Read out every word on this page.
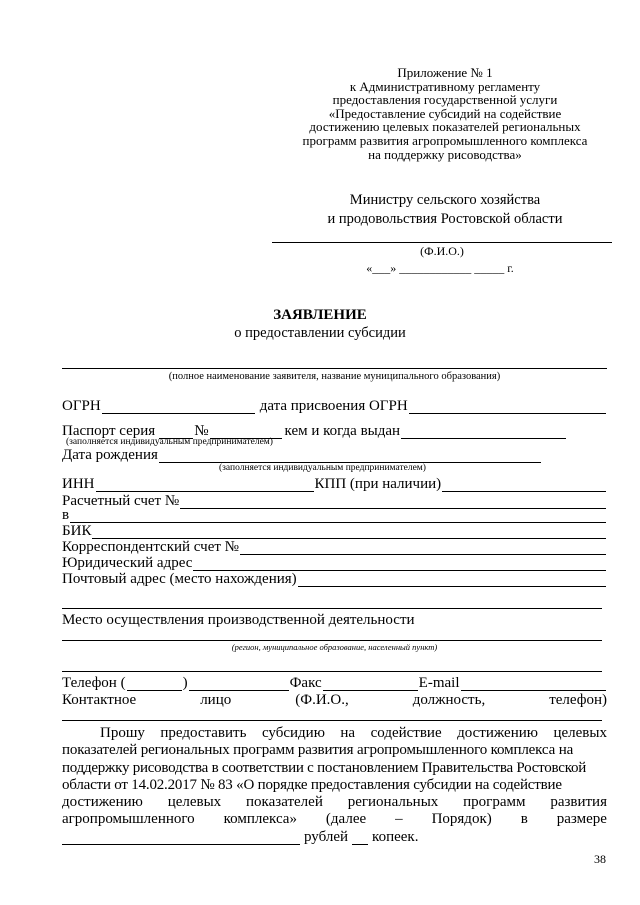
Приложение № 1
к Административному регламенту
предоставления государственной услуги
«Предоставление субсидий на содействие
достижению целевых показателей региональных
программ развития агропромышленного комплекса
на поддержку рисоводства»
Министру сельского хозяйства
и продовольствия Ростовской области
(Ф.И.О.)
«___» ____________ _____ г.
ЗАЯВЛЕНИЕ
о предоставлении субсидии
(полное наименование заявителя, название муниципального образования)
ОГРН	дата присвоения ОГРН
Паспорт серия	№	кем и когда выдан
(заполняется индивидуальным предпринимателем)
Дата рождения
(заполняется индивидуальным предпринимателем)
ИНН	КПП (при наличии)
Расчетный счет №
в
БИК
Корреспондентский счет №
Юридический адрес
Почтовый адрес (место нахождения)
Место осуществления производственной деятельности
(регион, муниципальное образование, населенный пункт)
Телефон (	)	Факс	E-mail
Контактное	лицо	(Ф.И.О.,	должность,	телефон)
Прошу предоставить субсидию на содействие достижению целевых
показателей региональных программ развития агропромышленного комплекса на
поддержку рисоводства в соответствии с постановлением Правительства Ростовской
области от 14.02.2017 № 83 «О порядке предоставления субсидии на содействие
достижению целевых показателей региональных программ развития
агропромышленного комплекса» (далее – Порядок) в размере
рублей копеек.
38
